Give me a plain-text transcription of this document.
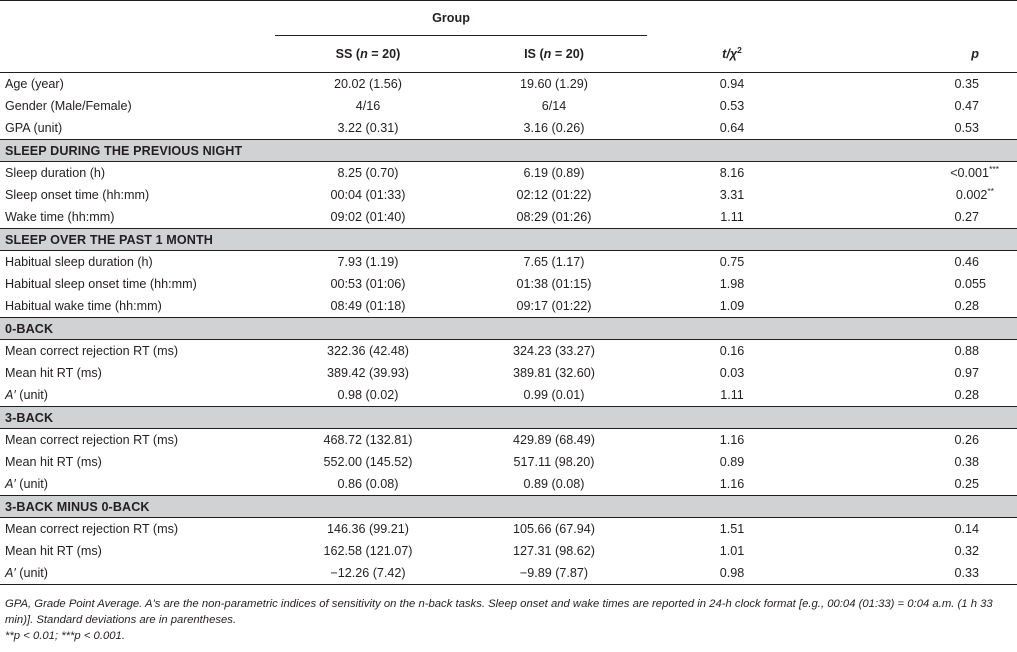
	Group			
	SS (n = 20)	IS (n = 20)	$t/\chi^2$	p
Age (year)	20.02 (1.56)	19.60 (1.29)	0.94	0.35
Gender (Male/Female)	4/16	6/14	0.53	0.47
GPA (unit)	3.22 (0.31)	3.16 (0.26)	0.64	0.53
SLEEP DURING THE PREVIOUS NIGHT				
Sleep duration (h)	8.25 (0.70)	6.19 (0.89)	8.16	<0.001***
Sleep onset time (hh:mm)	00:04 (01:33)	02:12 (01:22)	3.31	0.002**
Wake time (hh:mm)	09:02 (01:40)	08:29 (01:26)	1.11	0.27
SLEEP OVER THE PAST 1 MONTH				
Habitual sleep duration (h)	7.93 (1.19)	7.65 (1.17)	0.75	0.46
Habitual sleep onset time (hh:mm)	00:53 (01:06)	01:38 (01:15)	1.98	0.055
Habitual wake time (hh:mm)	08:49 (01:18)	09:17 (01:22)	1.09	0.28
0-BACK				
Mean correct rejection RT (ms)	322.36 (42.48)	324.23 (33.27)	0.16	0.88
Mean hit RT (ms)	389.42 (39.93)	389.81 (32.60)	0.03	0.97
A′ (unit)	0.98 (0.02)	0.99 (0.01)	1.11	0.28
3-BACK				
Mean correct rejection RT (ms)	468.72 (132.81)	429.89 (68.49)	1.16	0.26
Mean hit RT (ms)	552.00 (145.52)	517.11 (98.20)	0.89	0.38
A′ (unit)	0.86 (0.08)	0.89 (0.08)	1.16	0.25
3-BACK MINUS 0-BACK				
Mean correct rejection RT (ms)	146.36 (99.21)	105.66 (67.94)	1.51	0.14
Mean hit RT (ms)	162.58 (121.07)	127.31 (98.62)	1.01	0.32
A′ (unit)	−12.26 (7.42)	−9.89 (7.87)	0.98	0.33

GPA, Grade Point Average. A's are the non-parametric indices of sensitivity on the n-back tasks. Sleep onset and wake times are reported in 24-h clock format [e.g., 00:04 (01:33) = 0:04 a.m. (1 h 33 min)]. Standard deviations are in parentheses.

**p < 0.01; ***p < 0.001.
